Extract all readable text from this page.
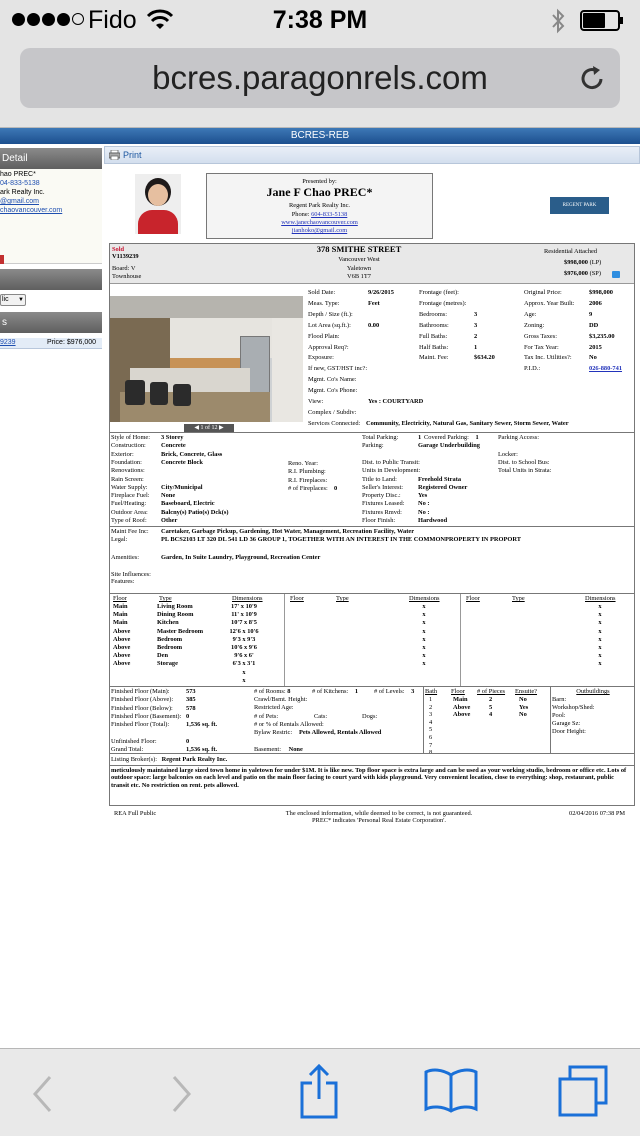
Fido	7:38 PM
bcres.paragonrels.com
BCRES-REB
Detail
hao PREC*
04-833-5138
ark Realty Inc.
@gmail.com
chaovancouver.com
lic ▼
s
9239	Price: $976,000
Print
Presented by:
Jane F Chao PREC*
Regent Park Realty Inc.
Phone: 604-833-5138
www.janechaovancouver.com
jianhoko@gmail.com
REGENT PARK
Sold
V1139239
Board: V
Townhouse
378 SMITHE STREET
Vancouver West
Yaletown
V6B 1T7
Residential Attached
$998,000 (LP)
$976,000 (SP)
◀ 1 of 12 ▶
Sold Date:	9/26/2015
Meas. Type:	Feet
Depth / Size (ft.):
Lot Area (sq.ft.):	0.00
Flood Plain:
Approval Req?:
Exposure:
If new, GST/HST inc?:
Mgmt. Co's Name:
Mgmt. Co's Phone:
View:	Yes : COURTYARD
Complex / Subdiv:
Frontage (feet):
Frontage (metres):
Bedrooms:	3
Bathrooms:	3
Full Baths:	2
Half Baths:	1
Maint. Fee:	$634.20
Original Price:	$998,000
Approx. Year Built: 2006
Age:	9
Zoning:	DD
Gross Taxes:	$3,235.00
For Tax Year:	2015
Tax Inc. Utilities?:	No
P.I.D.:	026-880-741
Services Connected: Community, Electricity, Natural Gas, Sanitary Sewer, Storm Sewer, Water
Style of Home: 3 Storey
Construction: Concrete
Exterior:	Brick, Concrete, Glass
Foundation:	Concrete Block
Renovations:
Rain Screen:
Water Supply: City/Municipal
Fireplace Fuel: None
Fuel/Heating: Baseboard, Electric
Outdoor Area: Balcny(s) Patio(s) Dck(s)
Type of Roof: Other
Reno. Year:
R.I. Plumbing:
R.I. Fireplaces:
# of Fireplaces: 0
Total Parking:	1
Parking:	Garage Underbuilding
Dist. to Public Transit:
Units in Development:
Title to Land:	Freehold Strata
Seller's Interest: Registered Owner
Property Disc.:	Yes
Fixtures Leased: No :
Fixtures Rmvd:	No :
Floor Finish:	Hardwood
Covered Parking: 1	Parking Access:
Locker:
Dist. to School Bus:
Total Units in Strata:
Maint Fee Inc: Caretaker, Garbage Pickup, Gardening, Hot Water, Management, Recreation Facility, Water
Legal:	PL BCS2103 LT 320 DL 541 LD 36 GROUP 1, TOGETHER WITH AN INTEREST IN THE COMMONPROPERTY IN PROPORT
Amenities:	Garden, In Suite Laundry, Playground, Recreation Center
Site Influences:
Features:
Floor	Type	Dimensions
Main	Living Room	17' x 10'9
Main	Dining Room	11' x 10'9
Main	Kitchen	10'7 x 8'5
Above	Master Bedroom	12'6 x 10'6
Above	Bedroom	9'3 x 9'3
Above	Bedroom	10'6 x 9'6
Above	Den	9'6 x 6'
Above	Storage	6'3 x 3'1
x
x
Floor	Type	Dimensions
x
x
x
x
x
x
x
x
Floor	Type	Dimensions
x
x
x
x
x
x
x
x
Finished Floor (Main):	573
Finished Floor (Above): 385
Finished Floor (Below): 578
Finished Floor (Basement): 0
Finished Floor (Total):	1,536 sq. ft.
Unfinished Floor:	0
Grand Total:	1,536 sq. ft.
# of Rooms: 8	# of Kitchens: 1 # of Levels: 3
Crawl/Bsmt. Height:
Restricted Age:
# of Pets:
# or % of Rentals Allowed:
Bylaw Restric: Pets Allowed, Rentals Allowed
Cats:	Dogs:
Basement: None
Bath Floor # of Pieces Ensuite?
1	Main	2	No
2	Above	5	Yes
3	Above	4	No
4
5
6
7
8
Outbuildings
Barn:
Workshop/Shed:
Pool:
Garage Sz:
Door Height:
Listing Broker(s): Regent Park Realty Inc.
meticulously maintained large sized town home in yaletown for under $1M. It is like new. Top floor space is extra large and can be used as your working studio, bedroom or office etc. Lots of outdoor space: large balconies on each level and patio on the main floor facing to court yard with kids playground. Very convenient location, close to everything: shop, restaurant, public transit etc. No restriction on rent. pets allowed.
REA Full Public	The enclosed information, while deemed to be correct, is not guaranteed.
PREC* indicates 'Personal Real Estate Corporation'.
02/04/2016 07:38 PM
